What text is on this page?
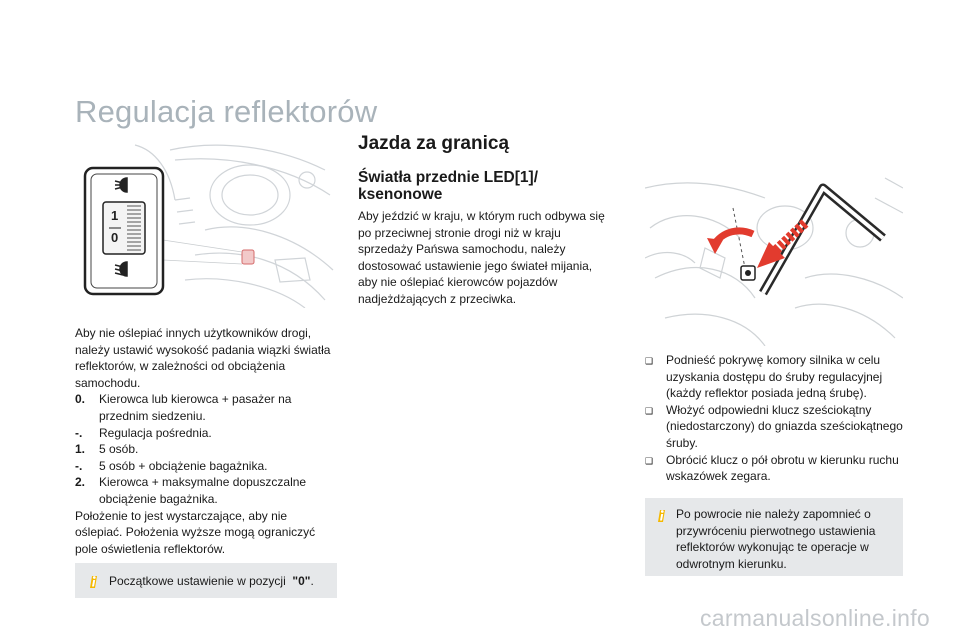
Regulacja reflektorów
1
0
Aby nie oślepiać innych użytkowników drogi, należy ustawić wysokość padania wiązki światła reflektorów, w zależności od obciążenia samochodu.
0.	Kierowca lub kierowca + pasażer na przednim siedzeniu.
-.	Regulacja pośrednia.
1.	5 osób.
-.	5 osób + obciążenie bagażnika.
2.	Kierowca + maksymalne dopuszczalne obciążenie bagażnika.
Położenie to jest wystarczające, aby nie oślepiać. Położenia wyższe mogą ograniczyć pole oświetlenia reflektorów.
Początkowe ustawienie w pozycji "0".
Jazda za granicą
Światła przednie LED[1]/ ksenonowe
Aby jeździć w kraju, w którym ruch odbywa się po przeciwnej stronie drogi niż w kraju sprzedaży Pańswa samochodu, należy dostosować ustawienie jego świateł mijania, aby nie oślepiać kierowców pojazdów nadjeżdżających z przeciwka.
❑	Podnieść pokrywę komory silnika w celu uzyskania dostępu do śruby regulacyjnej (każdy reflektor posiada jedną śrubę).
❑	Włożyć odpowiedni klucz sześciokątny (niedostarczony) do gniazda sześciokątnego śruby.
❑	Obrócić klucz o pół obrotu w kierunku ruchu wskazówek zegara.
Po powrocie nie należy zapomnieć o przywróceniu pierwotnego ustawienia reflektorów wykonując te operacje w odwrotnym kierunku.
carmanualsonline.info
